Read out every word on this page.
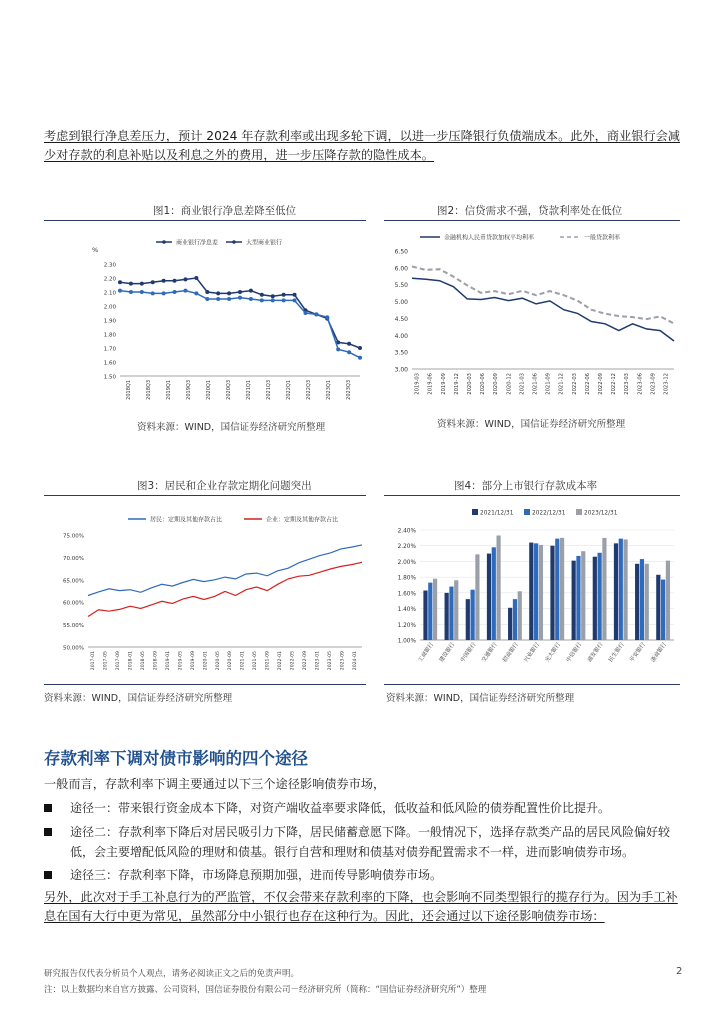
考虑到银行净息差压力，预计 2024 年存款利率或出现多轮下调，以进一步压降银行负债端成本。此外，商业银行会减少对存款的利息补贴以及利息之外的费用，进一步压降存款的隐性成本。
图1：商业银行净息差降至低位
%
商业银行净息差	大型商业银行
1.50
1.60
1.70
1.80
1.90
2.00
2.10
2.20
2.30
2018Q1	2018Q3	2019Q1	2019Q3	2020Q1	2020Q3	2021Q1	2021Q3	2022Q1	2022Q3	2023Q1	2023Q3
资料来源：WIND，国信证券经济研究所整理
图2：信贷需求不强，贷款利率处在低位
金融机构人民币贷款加权平均利率	一般贷款利率
3.00
3.50
4.00
4.50
5.00
5.50
6.00
6.50
2019-03 2019-06 2019-09 2019-12 2020-03 2020-06 2020-09 2020-12 2021-03 2021-06 2021-09 2021-12 2022-03 2022-06 2022-09 2022-12 2023-03 2023-06 2023-09 2023-12
资料来源：WIND，国信证券经济研究所整理
图3：居民和企业存款定期化问题突出
居民：定期及其他存款占比	企业：定期及其他存款占比
50.00%
55.00%
60.00%
65.00%
70.00%
75.00%
2017-01 2017-05 2017-09 2018-01 2018-05 2018-09 2019-01 2019-05 2019-09 2020-01 2020-05 2020-09 2021-01 2021-05 2021-09 2022-01 2022-05 2022-09 2023-01 2023-05 2023-09 2024-01
资料来源：WIND，国信证券经济研究所整理
图4：部分上市银行存款成本率
2021/12/31	2022/12/31	2023/12/31
1.00%
1.20%
1.40%
1.60%
1.80%
2.00%
2.20%
2.40%
工商银行 建设银行 中国银行 交通银行 招商银行 兴业银行 光大银行 中信银行 浦发银行 民生银行 平安银行 浙商银行
资料来源：WIND，国信证券经济研究所整理
存款利率下调对债市影响的四个途径
一般而言，存款利率下调主要通过以下三个途径影响债券市场，
途径一：带来银行资金成本下降，对资产端收益率要求降低，低收益和低风险的债券配置性价比提升。
途径二：存款利率下降后对居民吸引力下降，居民储蓄意愿下降。一般情况下，选择存款类产品的居民风险偏好较低，会主要增配低风险的理财和债基。银行自营和理财和债基对债券配置需求不一样，进而影响债券市场。
途径三：存款利率下降，市场降息预期加强，进而传导影响债券市场。
另外，此次对于手工补息行为的严监管，不仅会带来存款利率的下降，也会影响不同类型银行的揽存行为。因为手工补息在国有大行中更为常见，虽然部分中小银行也存在这种行为。因此，还会通过以下途径影响债券市场：
研究报告仅代表分析员个人观点，请务必阅读正文之后的免责声明。
注：以上数据均来自官方披露、公司资料，国信证券股份有限公司－经济研究所（简称：“国信证券经济研究所”）整理
2
